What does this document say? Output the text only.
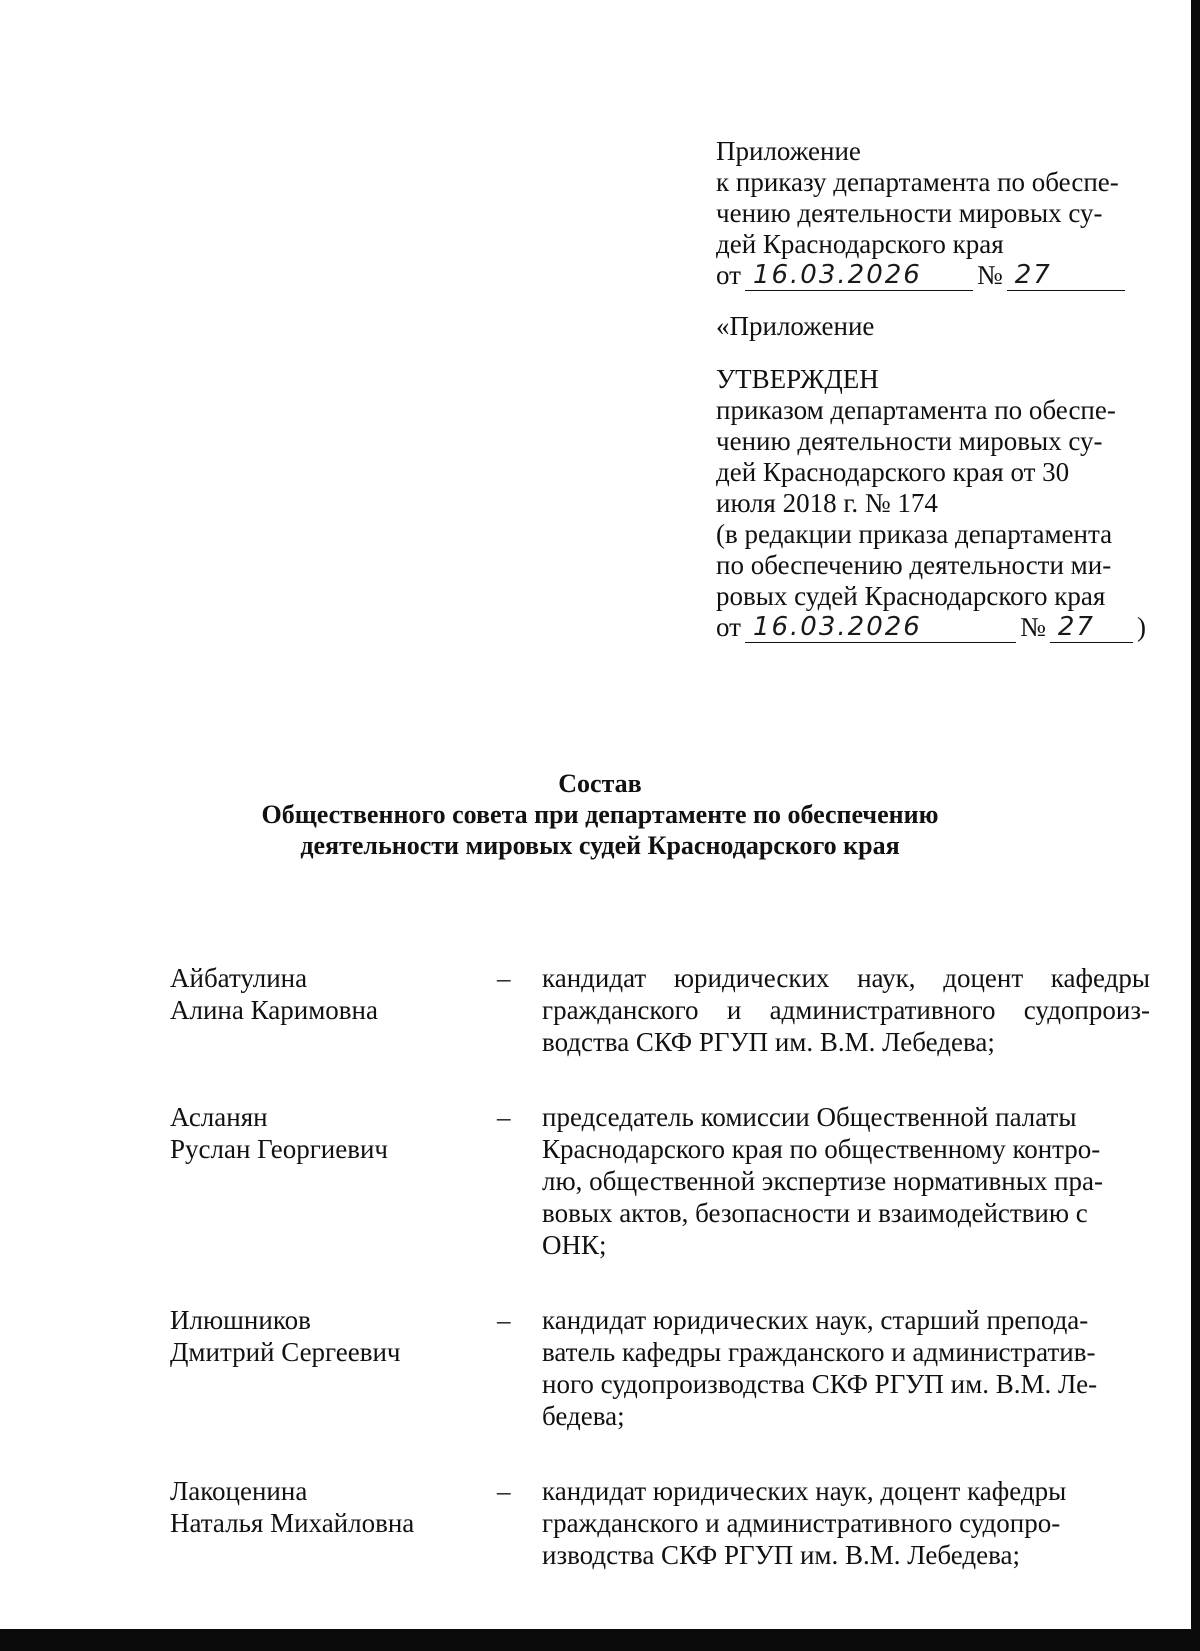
Приложение
к приказу департамента по обеспе-
чению деятельности мировых су-
дей Краснодарского края
от 16.03.2026	№ 27
«Приложение
УТВЕРЖДЕН
приказом департамента по обеспе-
чению деятельности мировых су-
дей Краснодарского края от 30
июля 2018 г. № 174
(в редакции приказа департамента
по обеспечению деятельности ми-
ровых судей Краснодарского края
от 16.03.2026	№ 27	)
Состав
Общественного совета при департаменте по обеспечению
деятельности мировых судей Краснодарского края
Айбатулина
Алина Каримовна
–	кандидат юридических наук, доцент кафедры
гражданского и административного судопроиз-
водства СКФ РГУП им. В.М. Лебедева;
Асланян
Руслан Георгиевич
–	председатель комиссии Общественной палаты
Краснодарского края по общественному контро-
лю, общественной экспертизе нормативных пра-
вовых актов, безопасности и взаимодействию с
ОНК;
Илюшников
Дмитрий Сергеевич
–	кандидат юридических наук, старший препода-
ватель кафедры гражданского и административ-
ного судопроизводства СКФ РГУП им. В.М. Ле-
бедева;
Лакоценина
Наталья Михайловна
–	кандидат юридических наук, доцент кафедры
гражданского и административного судопро-
изводства СКФ РГУП им. В.М. Лебедева;
